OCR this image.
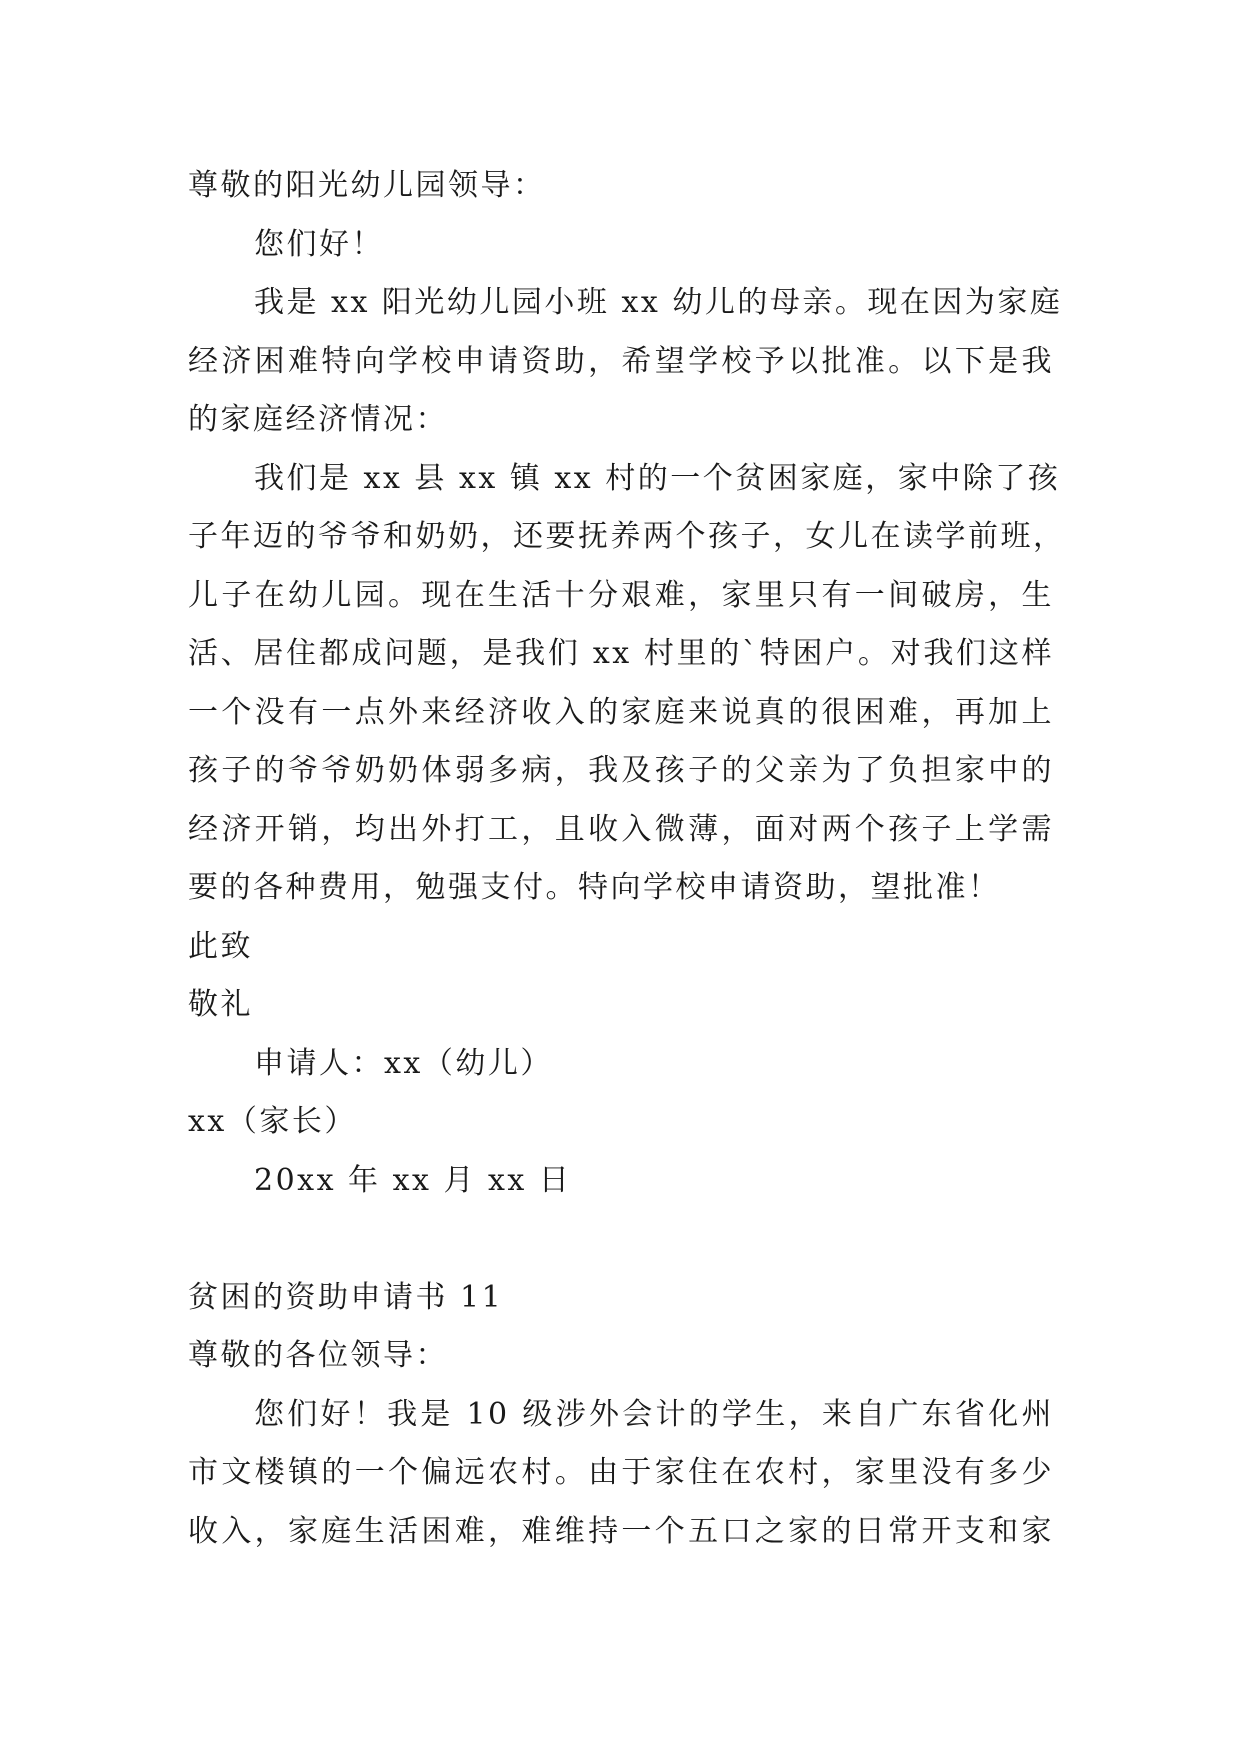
尊敬的阳光幼儿园领导：
您们好！
我是 xx 阳光幼儿园小班 xx 幼儿的母亲。现在因为家庭
经济困难特向学校申请资助，希望学校予以批准。以下是我
的家庭经济情况：
我们是 xx 县 xx 镇 xx 村的一个贫困家庭，家中除了孩
子年迈的爷爷和奶奶，还要抚养两个孩子，女儿在读学前班，
儿子在幼儿园。现在生活十分艰难，家里只有一间破房，生
活、居住都成问题，是我们 xx 村里的`特困户。对我们这样
一个没有一点外来经济收入的家庭来说真的很困难，再加上
孩子的爷爷奶奶体弱多病，我及孩子的父亲为了负担家中的
经济开销，均出外打工，且收入微薄，面对两个孩子上学需
要的各种费用，勉强支付。特向学校申请资助，望批准！
此致
敬礼
申请人：xx（幼儿）
xx（家长）
20xx 年 xx 月 xx 日
贫困的资助申请书 11
尊敬的各位领导：
您们好！我是 10 级涉外会计的学生，来自广东省化州
市文楼镇的一个偏远农村。由于家住在农村，家里没有多少
收入，家庭生活困难，难维持一个五口之家的日常开支和家
